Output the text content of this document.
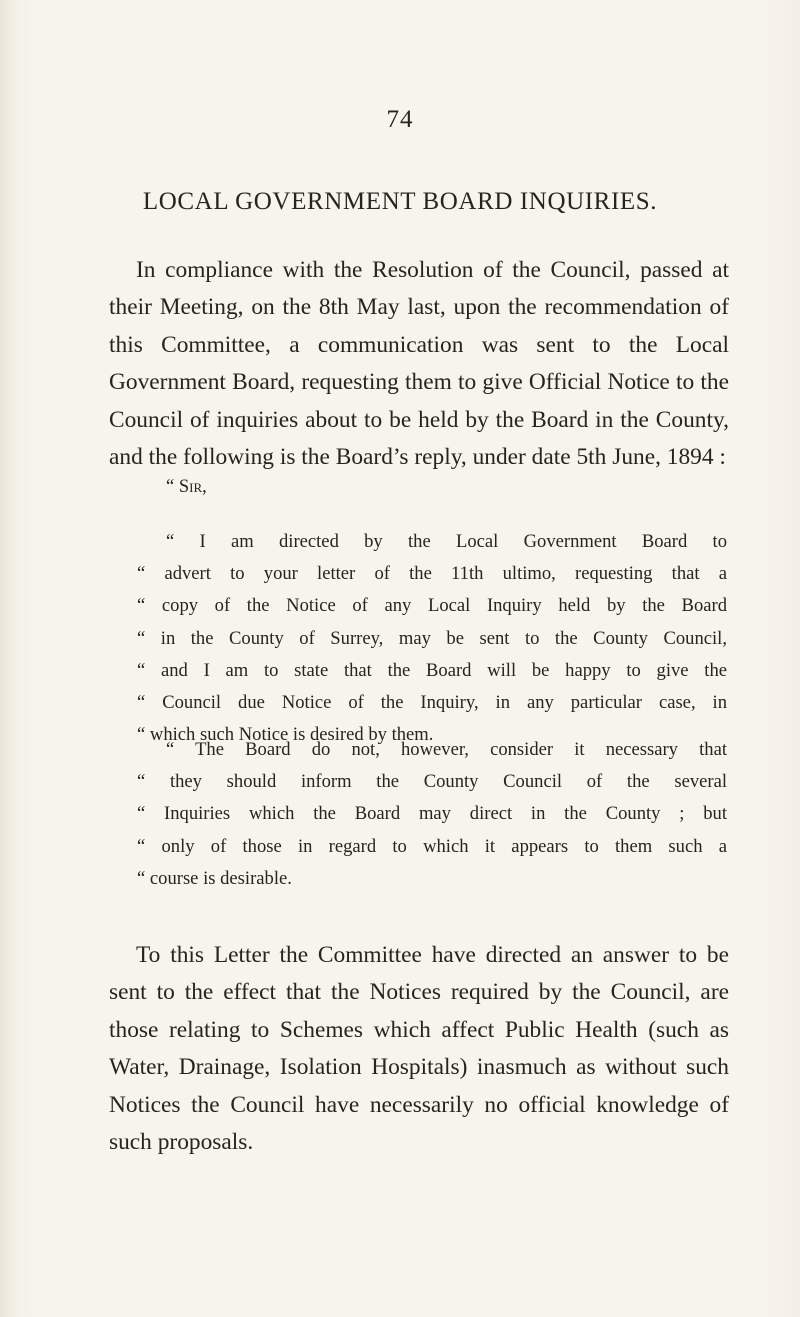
74
LOCAL GOVERNMENT BOARD INQUIRIES.

In compliance with the Resolution of the Council, passed at their Meeting, on the 8th May last, upon the recommendation of this Committee, a communication was sent to the Local Government Board, requesting them to give Official Notice to the Council of inquiries about to be held by the Board in the County, and the following is the Board’s reply, under date 5th June, 1894 :

“ Sir,

“ I am directed by the Local Government Board to
“ advert to your letter of the 11th ultimo, requesting that a
“ copy of the Notice of any Local Inquiry held by the Board
“ in the County of Surrey, may be sent to the County Council,
“ and I am to state that the Board will be happy to give the
“ Council due Notice of the Inquiry, in any particular case, in
“ which such Notice is desired by them.

“ The Board do not, however, consider it necessary that
“ they should inform the County Council of the several
“ Inquiries which the Board may direct in the County ; but
“ only of those in regard to which it appears to them such a
“ course is desirable.

To this Letter the Committee have directed an answer to be sent to the effect that the Notices required by the Council, are those relating to Schemes which affect Public Health (such as Water, Drainage, Isolation Hospitals) inasmuch as without such Notices the Council have necessarily no official knowledge of such proposals.
